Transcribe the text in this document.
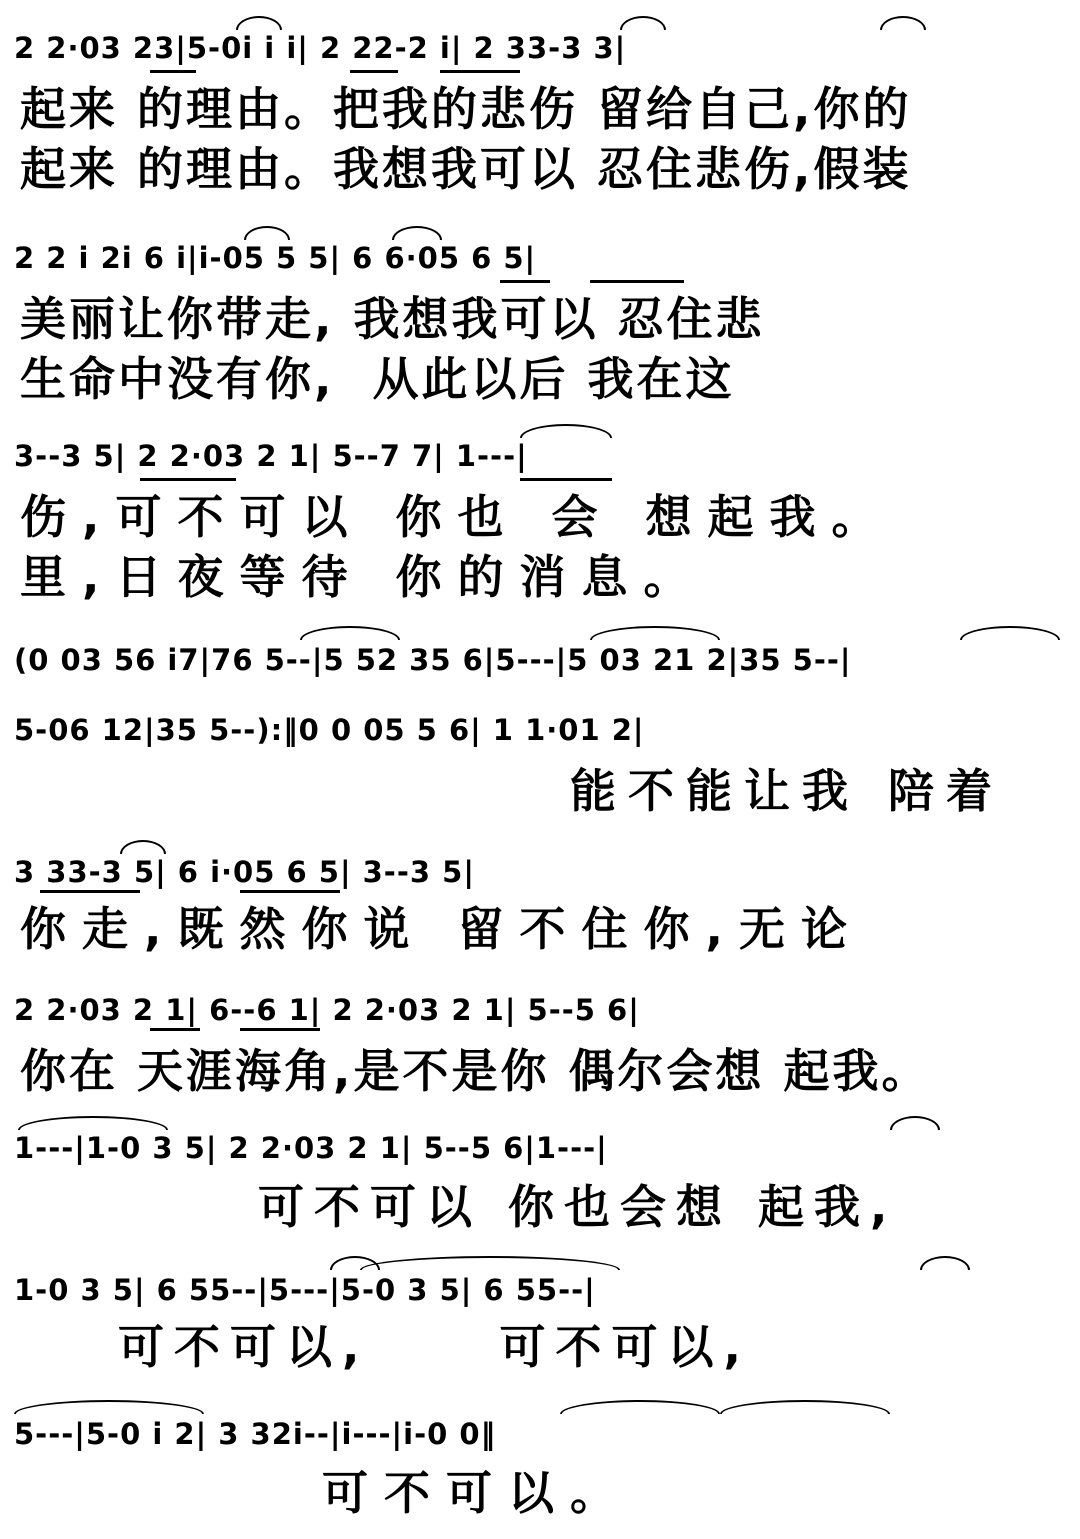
2 2·03 23|5-0i i i| 2 22-2 i| 2 33-3 3|
起来 的理由。把我的悲伤 留给自己,你的
起来 的理由。我想我可以 忍住悲伤,假装
2 2 i 2i 6 i|i-05 5 5| 6 6·05 6 5|
美丽让你带走, 我想我可以 忍住悲
生命中没有你,  从此以后 我在这
3--3 5| 2 2·03 2 1| 5--7 7| 1---|
伤,可不可以 你也 会 想起我。
里,日夜等待 你的消息。
(0 03 56 i7|76 5--|5 52 35 6|5---|5 03 21 2|35 5--|
5-06 12|35 5--):‖0 0 05 5 6| 1 1·01 2|
能不能让我 陪着
3 33-3 5| 6 i·05 6 5| 3--3 5|
你走,既然你说 留不住你,无论
2 2·03 2 1| 6--6 1| 2 2·03 2 1| 5--5 6|
你在 天涯海角,是不是你 偶尔会想 起我。
1---|1-0 3 5| 2 2·03 2 1| 5--5 6|1---|
可不可以 你也会想 起我,
1-0 3 5| 6 55--|5---|5-0 3 5| 6 55--|
可不可以,     可不可以,
5---|5-0 i 2| 3 32i--|i---|i-0 0‖
可不可以。
